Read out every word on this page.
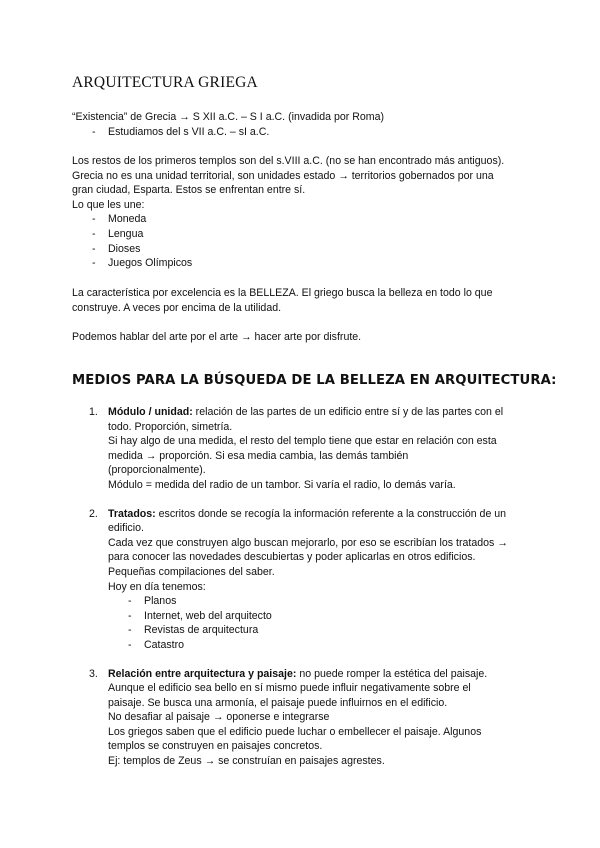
ARQUITECTURA GRIEGA

“Existencia” de Grecia → S XII a.C. – S I a.C. (invadida por Roma)

- Estudiamos del s VII a.C. – sI a.C.

Los restos de los primeros templos son del s.VIII a.C. (no se han encontrado más antiguos).

Grecia no es una unidad territorial, son unidades estado → territorios gobernados por una

gran ciudad, Esparta. Estos se enfrentan entre sí.

Lo que les une:

- Moneda
- Lengua
- Dioses
- Juegos Olímpicos

La característica por excelencia es la BELLEZA. El griego busca la belleza en todo lo que

construye. A veces por encima de la utilidad.

Podemos hablar del arte por el arte → hacer arte por disfrute.

MEDIOS PARA LA BÚSQUEDA DE LA BELLEZA EN ARQUITECTURA:
1. Módulo / unidad: relación de las partes de un edificio entre sí y de las partes con el

todo. Proporción, simetría.

Si hay algo de una medida, el resto del templo tiene que estar en relación con esta

medida → proporción. Si esa media cambia, las demás también

(proporcionalmente).

Módulo = medida del radio de un tambor. Si varía el radio, lo demás varía.

2. Tratados: escritos donde se recogía la información referente a la construcción de un

edificio.

Cada vez que construyen algo buscan mejorarlo, por eso se escribían los tratados →

para conocer las novedades descubiertas y poder aplicarlas en otros edificios.

Pequeñas compilaciones del saber.

Hoy en día tenemos:

- Planos
- Internet, web del arquitecto
- Revistas de arquitectura
- Catastro
3. Relación entre arquitectura y paisaje: no puede romper la estética del paisaje.

Aunque el edificio sea bello en sí mismo puede influir negativamente sobre el

paisaje. Se busca una armonía, el paisaje puede influirnos en el edificio.

No desafiar al paisaje → oponerse e integrarse

Los griegos saben que el edificio puede luchar o embellecer el paisaje. Algunos

templos se construyen en paisajes concretos.

Ej: templos de Zeus → se construían en paisajes agrestes.
